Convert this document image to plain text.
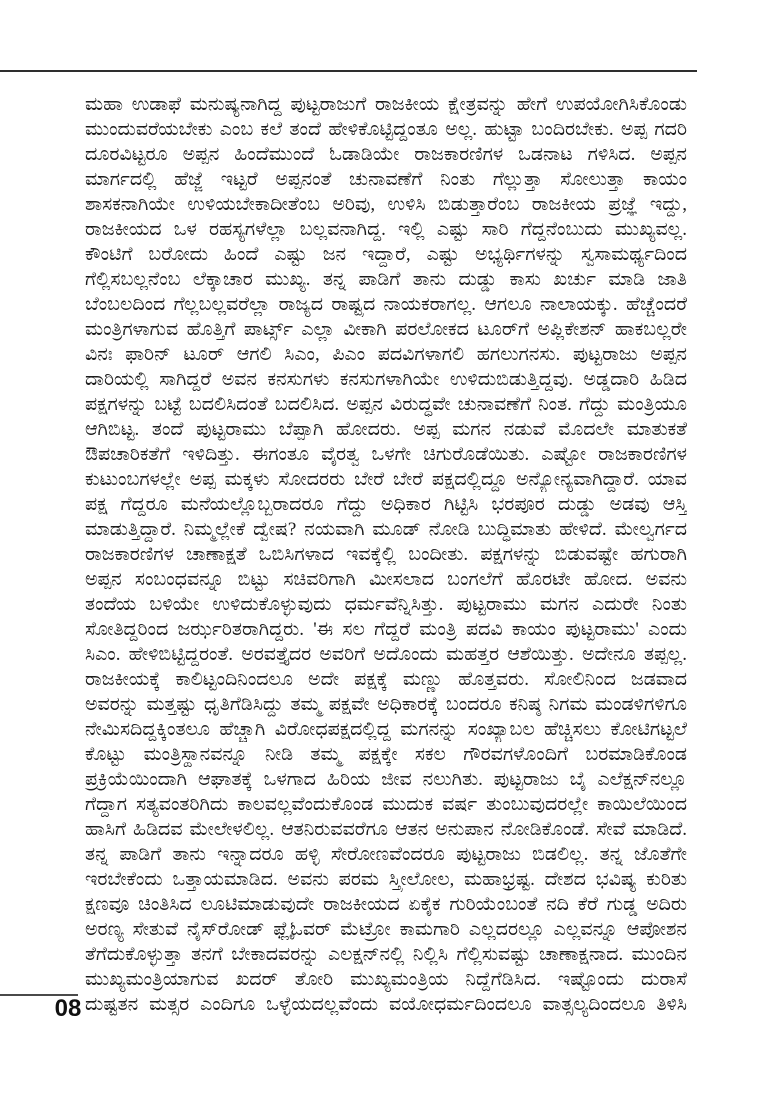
ಮಹಾ ಉಡಾಫೆ ಮನುಷ್ಯನಾಗಿದ್ದ ಪುಟ್ಟರಾಜುಗೆ ರಾಜಕೀಯ ಕ್ಷೇತ್ರವನ್ನು ಹೇಗೆ ಉಪಯೋಗಿಸಿಕೊಂಡು
ಮುಂದುವರೆಯಬೇಕು ಎಂಬ ಕಲೆ ತಂದೆ ಹೇಳಿಕೊಟ್ಟಿದ್ದಂತೂ ಅಲ್ಲ. ಹುಟ್ಟಾ ಬಂದಿರಬೇಕು. ಅಪ್ಪ ಗದರಿ
ದೂರವಿಟ್ಟರೂ ಅಪ್ಪನ ಹಿಂದೆಮುಂದೆ ಓಡಾಡಿಯೇ ರಾಜಕಾರಣಿಗಳ ಒಡನಾಟ ಗಳಿಸಿದ. ಅಪ್ಪನ
ಮಾರ್ಗದಲ್ಲಿ ಹೆಜ್ಜೆ ಇಟ್ಟರೆ ಅಪ್ಪನಂತೆ ಚುನಾವಣೆಗೆ ನಿಂತು ಗೆಲ್ಲುತ್ತಾ ಸೋಲುತ್ತಾ ಕಾಯಂ
ಶಾಸಕನಾಗಿಯೇ ಉಳಿಯಬೇಕಾದೀತೆಂಬ ಅರಿವು, ಉಳಿಸಿ ಬಿಡುತ್ತಾರೆಂಬ ರಾಜಕೀಯ ಪ್ರಜ್ಞೆ ಇದ್ದು,
ರಾಜಕೀಯದ ಒಳ ರಹಸ್ಯಗಳೆಲ್ಲಾ ಬಲ್ಲವನಾಗಿದ್ದ. ಇಲ್ಲಿ ಎಷ್ಟು ಸಾರಿ ಗೆದ್ದನೆಂಬುದು ಮುಖ್ಯವಲ್ಲ.
ಕೌಂಟಿಗೆ ಬರೋದು ಹಿಂದೆ ಎಷ್ಟು ಜನ ಇದ್ದಾರೆ, ಎಷ್ಟು ಅಭ್ಯರ್ಥಿಗಳನ್ನು ಸ್ವಸಾಮರ್ಥ್ಯದಿಂದ
ಗೆಲ್ಲಿಸಬಲ್ಲನೆಂಬ ಲೆಕ್ಕಾಚಾರ ಮುಖ್ಯ. ತನ್ನ ಪಾಡಿಗೆ ತಾನು ದುಡ್ಡು ಕಾಸು ಖರ್ಚು ಮಾಡಿ ಜಾತಿ
ಬೆಂಬಲದಿಂದ ಗೆಲ್ಲಬಲ್ಲವರೆಲ್ಲಾ ರಾಜ್ಯದ ರಾಷ್ಟ್ರದ ನಾಯಕರಾಗಲ್ಲ. ಆಗಲೂ ನಾಲಾಯಕ್ಕು. ಹೆಚ್ಚೆಂದರೆ
ಮಂತ್ರಿಗಳಾಗುವ ಹೊತ್ತಿಗೆ ಪಾರ್ಟ್ಸ್ ಎಲ್ಲಾ ವೀಕಾಗಿ ಪರಲೋಕದ ಟೂರ್‌ಗೆ ಅಪ್ಲಿಕೇಶನ್ ಹಾಕಬಲ್ಲರೇ
ವಿನಃ ಫಾರಿನ್ ಟೂರ್ ಆಗಲಿ ಸಿಎಂ, ಪಿಎಂ ಪದವಿಗಳಾಗಲಿ ಹಗಲುಗನಸು. ಪುಟ್ಟರಾಜು ಅಪ್ಪನ
ದಾರಿಯಲ್ಲಿ ಸಾಗಿದ್ದರೆ ಅವನ ಕನಸುಗಳು ಕನಸುಗಳಾಗಿಯೇ ಉಳಿದುಬಿಡುತ್ತಿದ್ದವು. ಅಡ್ಡದಾರಿ ಹಿಡಿದ
ಪಕ್ಷಗಳನ್ನು ಬಟ್ಟೆ ಬದಲಿಸಿದಂತೆ ಬದಲಿಸಿದ. ಅಪ್ಪನ ವಿರುದ್ಧವೇ ಚುನಾವಣೆಗೆ ನಿಂತ. ಗೆದ್ದು ಮಂತ್ರಿಯೂ
ಆಗಿಬಿಟ್ಟ. ತಂದೆ ಪುಟ್ಟರಾಮು ಬೆಪ್ಪಾಗಿ ಹೋದರು. ಅಪ್ಪ ಮಗನ ನಡುವೆ ಮೊದಲೇ ಮಾತುಕತೆ
ಔಪಚಾರಿಕತೆಗೆ ಇಳಿದಿತ್ತು. ಈಗಂತೂ ವೈರತ್ವ ಒಳಗೇ ಚಿಗುರೊಡೆಯಿತು. ಎಷ್ಟೋ ರಾಜಕಾರಣಿಗಳ
ಕುಟುಂಬಗಳಲ್ಲೇ ಅಪ್ಪ ಮಕ್ಕಳು ಸೋದರರು ಬೇರೆ ಬೇರೆ ಪಕ್ಷದಲ್ಲಿದ್ದೂ ಅನ್ಯೋನ್ಯವಾಗಿದ್ದಾರೆ. ಯಾವ
ಪಕ್ಷ ಗೆದ್ದರೂ ಮನೆಯಲ್ಲೊಬ್ಬರಾದರೂ ಗೆದ್ದು ಅಧಿಕಾರ ಗಿಟ್ಟಿಸಿ ಭರಪೂರ ದುಡ್ಡು ಅಡವು ಆಸ್ತಿ
ಮಾಡುತ್ತಿದ್ದಾರೆ. ನಿಮ್ಮಲ್ಲೇಕೆ ದ್ವೇಷ? ನಯವಾಗಿ ಮೂಡ್ ನೋಡಿ ಬುದ್ಧಿಮಾತು ಹೇಳಿದೆ. ಮೇಲ್ವರ್ಗದ
ರಾಜಕಾರಣಿಗಳ ಚಾಣಾಕ್ಷತೆ ಒಬಿಸಿಗಳಾದ ಇವಕ್ಕೆಲ್ಲಿ ಬಂದೀತು. ಪಕ್ಷಗಳನ್ನು ಬಿಡುವಷ್ಟೇ ಹಗುರಾಗಿ
ಅಪ್ಪನ ಸಂಬಂಧವನ್ನೂ ಬಿಟ್ಟು ಸಚಿವರಿಗಾಗಿ ಮೀಸಲಾದ ಬಂಗಲೆಗೆ ಹೊರಟೇ ಹೋದ. ಅವನು
ತಂದೆಯ ಬಳಿಯೇ ಉಳಿದುಕೊಳ್ಳುವುದು ಧರ್ಮವೆನ್ನಿಸಿತ್ತು. ಪುಟ್ಟರಾಮು ಮಗನ ಎದುರೇ ನಿಂತು
ಸೋತಿದ್ದರಿಂದ ಜರ್ಝರಿತರಾಗಿದ್ದರು. 'ಈ ಸಲ ಗೆದ್ದರೆ ಮಂತ್ರಿ ಪದವಿ ಕಾಯಂ ಪುಟ್ಟರಾಮು' ಎಂದು
ಸಿಎಂ. ಹೇಳಿಬಿಟ್ಟಿದ್ದರಂತೆ. ಅರವತ್ತೈದರ ಅವರಿಗೆ ಅದೊಂದು ಮಹತ್ತರ ಆಶೆಯಿತ್ತು. ಅದೇನೂ ತಪ್ಪಲ್ಲ.
ರಾಜಕೀಯಕ್ಕೆ ಕಾಲಿಟ್ಟಂದಿನಿಂದಲೂ ಅದೇ ಪಕ್ಷಕ್ಕೆ ಮಣ್ಣು ಹೊತ್ತವರು. ಸೋಲಿನಿಂದ ಜಡವಾದ
ಅವರನ್ನು ಮತ್ತಷ್ಟು ಧೃತಿಗೆಡಿಸಿದ್ದು ತಮ್ಮ ಪಕ್ಷವೇ ಅಧಿಕಾರಕ್ಕೆ ಬಂದರೂ ಕನಿಷ್ಠ ನಿಗಮ ಮಂಡಳಿಗಳಿಗೂ
ನೇಮಿಸದಿದ್ದಕ್ಕಿಂತಲೂ ಹೆಚ್ಚಾಗಿ ವಿರೋಧಪಕ್ಷದಲ್ಲಿದ್ದ ಮಗನನ್ನು ಸಂಖ್ಯಾಬಲ ಹೆಚ್ಚಿಸಲು ಕೋಟಿಗಟ್ಟಲೆ
ಕೊಟ್ಟು ಮಂತ್ರಿಸ್ಥಾನವನ್ನೂ ನೀಡಿ ತಮ್ಮ ಪಕ್ಷಕ್ಕೇ ಸಕಲ ಗೌರವಗಳೊಂದಿಗೆ ಬರಮಾಡಿಕೊಂಡ
ಪ್ರಕ್ರಿಯೆಯಿಂದಾಗಿ ಆಘಾತಕ್ಕೆ ಒಳಗಾದ ಹಿರಿಯ ಜೀವ ನಲುಗಿತು. ಪುಟ್ಟರಾಜು ಬೈ ಎಲೆಕ್ಷನ್‌ನಲ್ಲೂ
ಗೆದ್ದಾಗ ಸತ್ಯವಂತರಿಗಿದು ಕಾಲವಲ್ಲವೆಂದುಕೊಂಡ ಮುದುಕ ವರ್ಷ ತುಂಬುವುದರಲ್ಲೇ ಕಾಯಿಲೆಯಿಂದ
ಹಾಸಿಗೆ ಹಿಡಿದವ ಮೇಲೇಳಲಿಲ್ಲ. ಆತನಿರುವವರೆಗೂ ಆತನ ಅನುಪಾನ ನೋಡಿಕೊಂಡೆ. ಸೇವೆ ಮಾಡಿದೆ.
ತನ್ನ ಪಾಡಿಗೆ ತಾನು ಇನ್ನಾದರೂ ಹಳ್ಳಿ ಸೇರೋಣವೆಂದರೂ ಪುಟ್ಟರಾಜು ಬಿಡಲಿಲ್ಲ. ತನ್ನ ಜೊತೆಗೇ
ಇರಬೇಕೆಂದು ಒತ್ತಾಯಮಾಡಿದ. ಅವನು ಪರಮ ಸ್ತ್ರೀಲೋಲ, ಮಹಾಭ್ರಷ್ಟ. ದೇಶದ ಭವಿಷ್ಯ ಕುರಿತು
ಕ್ಷಣವೂ ಚಿಂತಿಸಿದ ಲೂಟಿಮಾಡುವುದೇ ರಾಜಕೀಯದ ಏಕೈಕ ಗುರಿಯೆಂಬಂತೆ ನದಿ ಕೆರೆ ಗುಡ್ಡ ಅದಿರು
ಅರಣ್ಯ ಸೇತುವೆ ನೈಸ್‌ರೋಡ್ ಫ್ಲೈಓವರ್ ಮೆಟ್ರೋ ಕಾಮಗಾರಿ ಎಲ್ಲದರಲ್ಲೂ ಎಲ್ಲವನ್ನೂ ಆಪೋಶನ
ತೆಗೆದುಕೊಳ್ಳುತ್ತಾ ತನಗೆ ಬೇಕಾದವರನ್ನು ಎಲಕ್ಷನ್‌ನಲ್ಲಿ ನಿಲ್ಲಿಸಿ ಗೆಲ್ಲಿಸುವಷ್ಟು ಚಾಣಾಕ್ಷನಾದ. ಮುಂದಿನ
ಮುಖ್ಯಮಂತ್ರಿಯಾಗುವ ಖದರ್ ತೋರಿ ಮುಖ್ಯಮಂತ್ರಿಯ ನಿದ್ದೆಗೆಡಿಸಿದ. ಇಷ್ಟೊಂದು ದುರಾಸೆ
ದುಷ್ಟತನ ಮತ್ಸರ ಎಂದಿಗೂ ಒಳ್ಳೆಯದಲ್ಲವೆಂದು ವಯೋಧರ್ಮದಿಂದಲೂ ವಾತ್ಸಲ್ಯದಿಂದಲೂ ತಿಳಿಸಿ
08
